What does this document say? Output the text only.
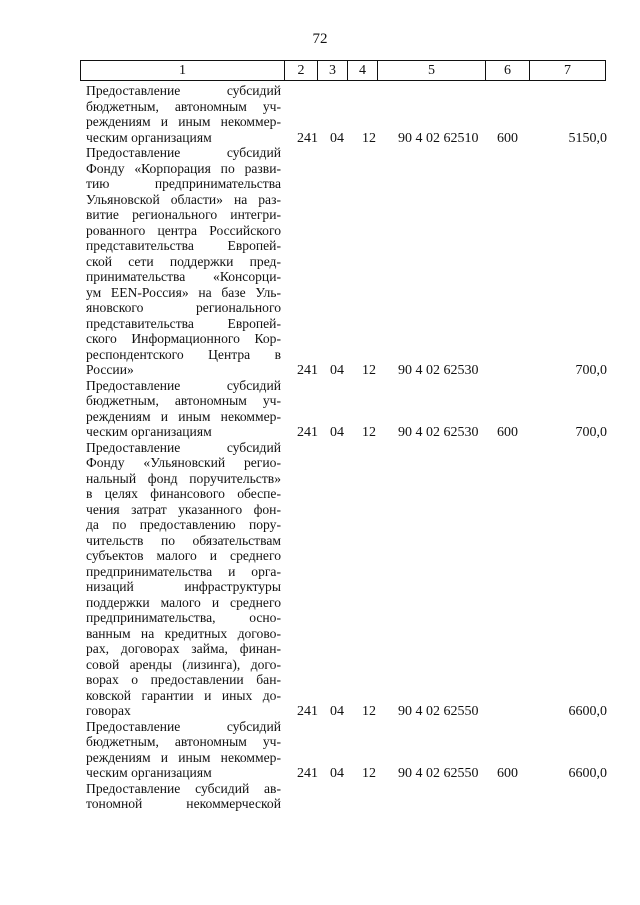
72
1	2	3	4	5	6	7
Предоставление субсидий
бюджетным, автономным уч-
реждениям и иным некоммер-
ческим организациям	241 04 12 90 4 02 62510 600	5150,0
Предоставление субсидий
Фонду «Корпорация по разви-
тию предпринимательства
Ульяновской области» на раз-
витие регионального интегри-
рованного центра Российского
представительства Европей-
ской сети поддержки пред-
принимательства «Консорци-
ум EEN-Россия» на базе Уль-
яновского регионального
представительства Европей-
ского Информационного Кор-
респондентского Центра в
России»	241 04 12 90 4 02 62530	700,0
Предоставление субсидий
бюджетным, автономным уч-
реждениям и иным некоммер-
ческим организациям	241 04 12 90 4 02 62530 600	700,0
Предоставление субсидий
Фонду «Ульяновский регио-
нальный фонд поручительств»
в целях финансового обеспе-
чения затрат указанного фон-
да по предоставлению пору-
чительств по обязательствам
субъектов малого и среднего
предпринимательства и орга-
низаций инфраструктуры
поддержки малого и среднего
предпринимательства, осно-
ванным на кредитных догово-
рах, договорах займа, финан-
совой аренды (лизинга), дого-
ворах о предоставлении бан-
ковской гарантии и иных до-
говорах	241 04 12 90 4 02 62550	6600,0
Предоставление субсидий
бюджетным, автономным уч-
реждениям и иным некоммер-
ческим организациям	241 04 12 90 4 02 62550 600	6600,0
Предоставление субсидий ав-
тономной некоммерческой
